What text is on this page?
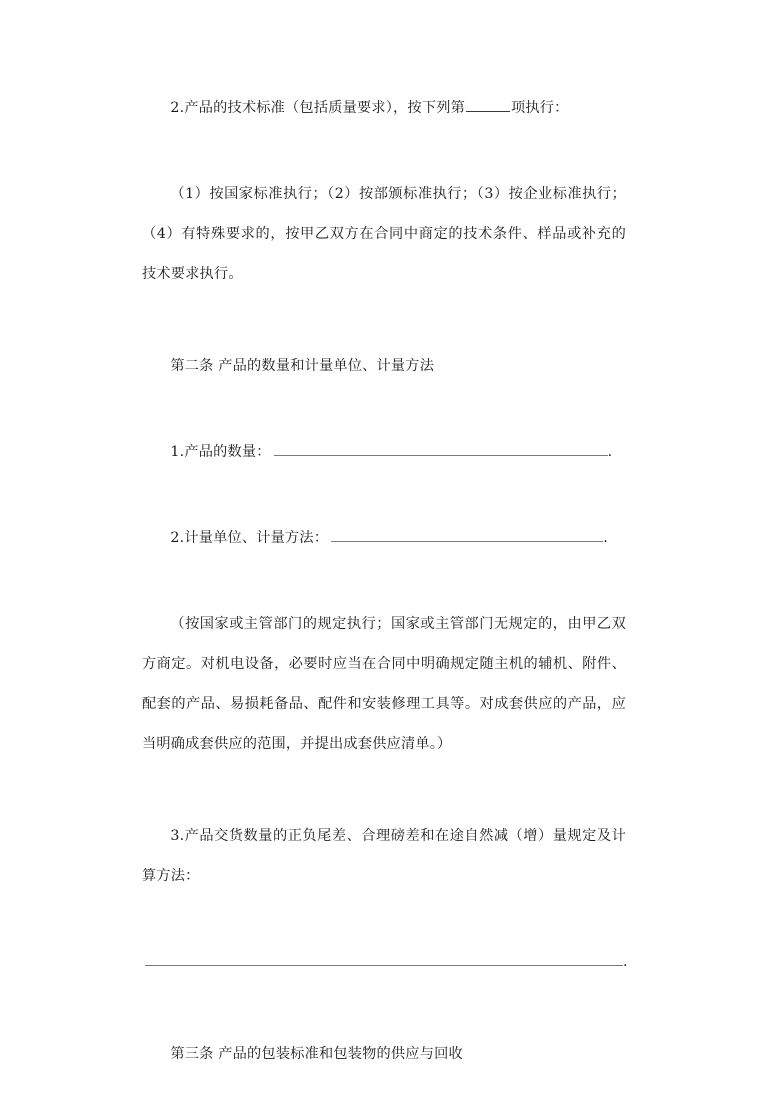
2.产品的技术标准（包括质量要求），按下列第	项执行：
（1）按国家标准执行；（2）按部颁标准执行；（3）按企业标准执行；（4）有特殊要求的，按甲乙双方在合同中商定的技术条件、样品或补充的技术要求执行。
第二条 产品的数量和计量单位、计量方法
1.产品的数量：	.
2.计量单位、计量方法：	.
（按国家或主管部门的规定执行；国家或主管部门无规定的，由甲乙双方商定。对机电设备，必要时应当在合同中明确规定随主机的辅机、附件、配套的产品、易损耗备品、配件和安装修理工具等。对成套供应的产品，应当明确成套供应的范围，并提出成套供应清单。）
3.产品交货数量的正负尾差、合理磅差和在途自然减（增）量规定及计算方法：
.
第三条 产品的包装标准和包装物的供应与回收
